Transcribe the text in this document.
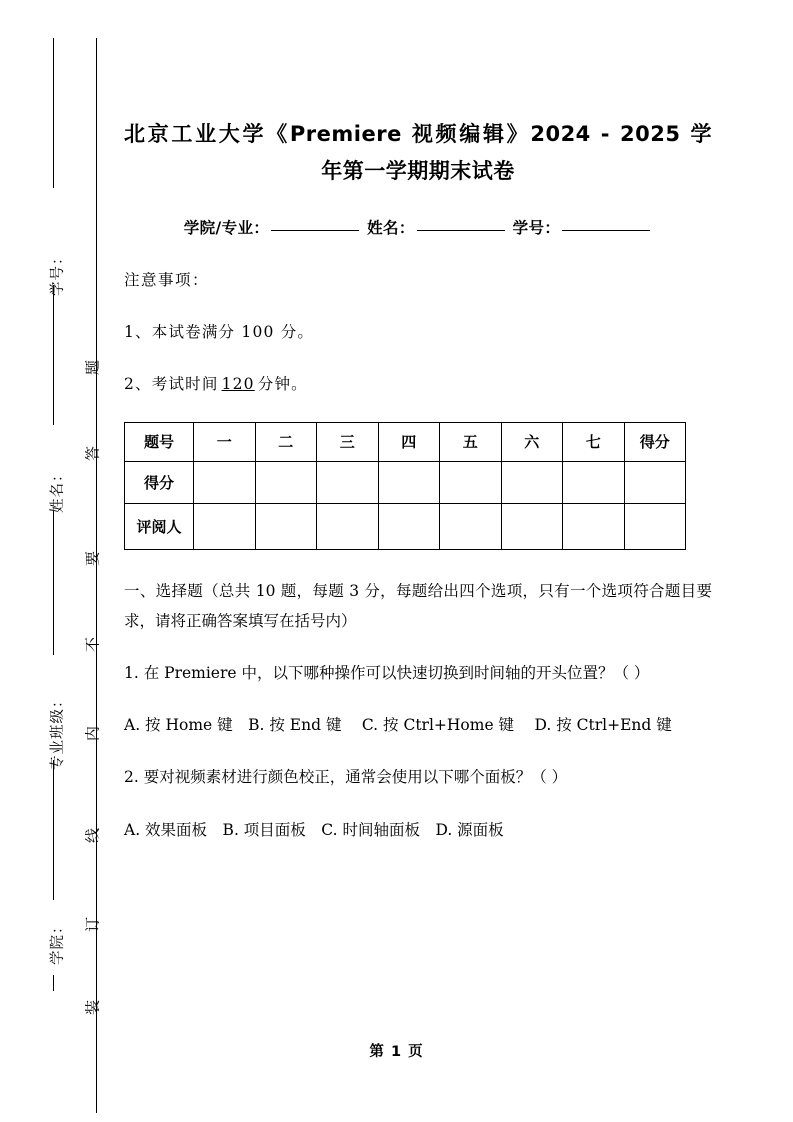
学号：
姓名：
专业班级：
学院：
题
答
要
不
内
线
订
装
北京工业大学《Premiere 视频编辑》2024 - 2025 学
年第一学期期末试卷

学院/专业：	姓名：	学号：

注意事项：

1、本试卷满分 100 分。

2、考试时间 120 分钟。

题号	一	二	三	四	五	六	七	得分
得分								
评阅人								

一、选择题（总共 10 题，每题 3 分，每题给出四个选项，只有一个选项符合题目要求，请将正确答案填写在括号内）

1. 在 Premiere 中，以下哪种操作可以快速切换到时间轴的开头位置？（ ）

A. 按 Home 键　B. 按 End 键　 C. 按 Ctrl+Home 键　 D. 按 Ctrl+End 键

2. 要对视频素材进行颜色校正，通常会使用以下哪个面板？（ ）

A. 效果面板　B. 项目面板　C. 时间轴面板　D. 源面板

第 1 页
